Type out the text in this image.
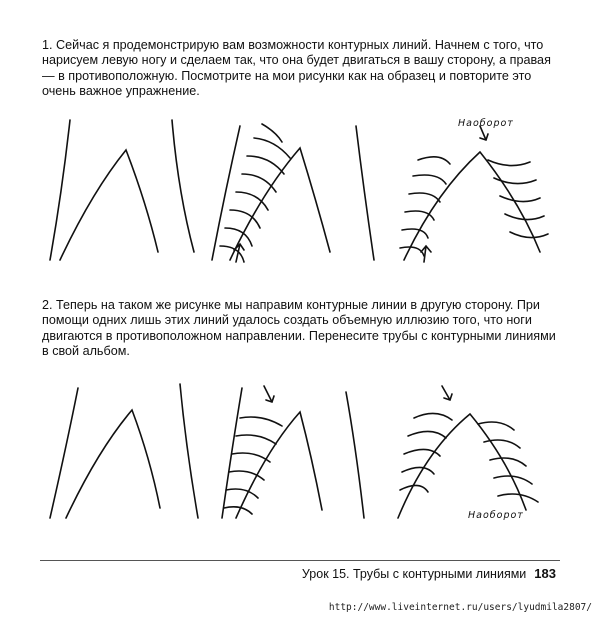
1. Сейчас я продемонстрирую вам возможности контурных линий. Начнем с того, что нарисуем левую ногу и сделаем так, что она будет двигаться в вашу сторону, а правая — в противоположную. Посмотрите на мои рисунки как на образец и повторите это очень важное упражнение.

Наоборот

2. Теперь на таком же рисунке мы направим контурные линии в другую сторону. При помощи одних лишь этих линий удалось создать объемную иллюзию того, что ноги двигаются в противоположном направлении. Перенесите трубы с контурными линиями в свой альбом.

Наоборот
Урок 15. Трубы с контурными линиями 183
http://www.liveinternet.ru/users/lyudmila2807/
